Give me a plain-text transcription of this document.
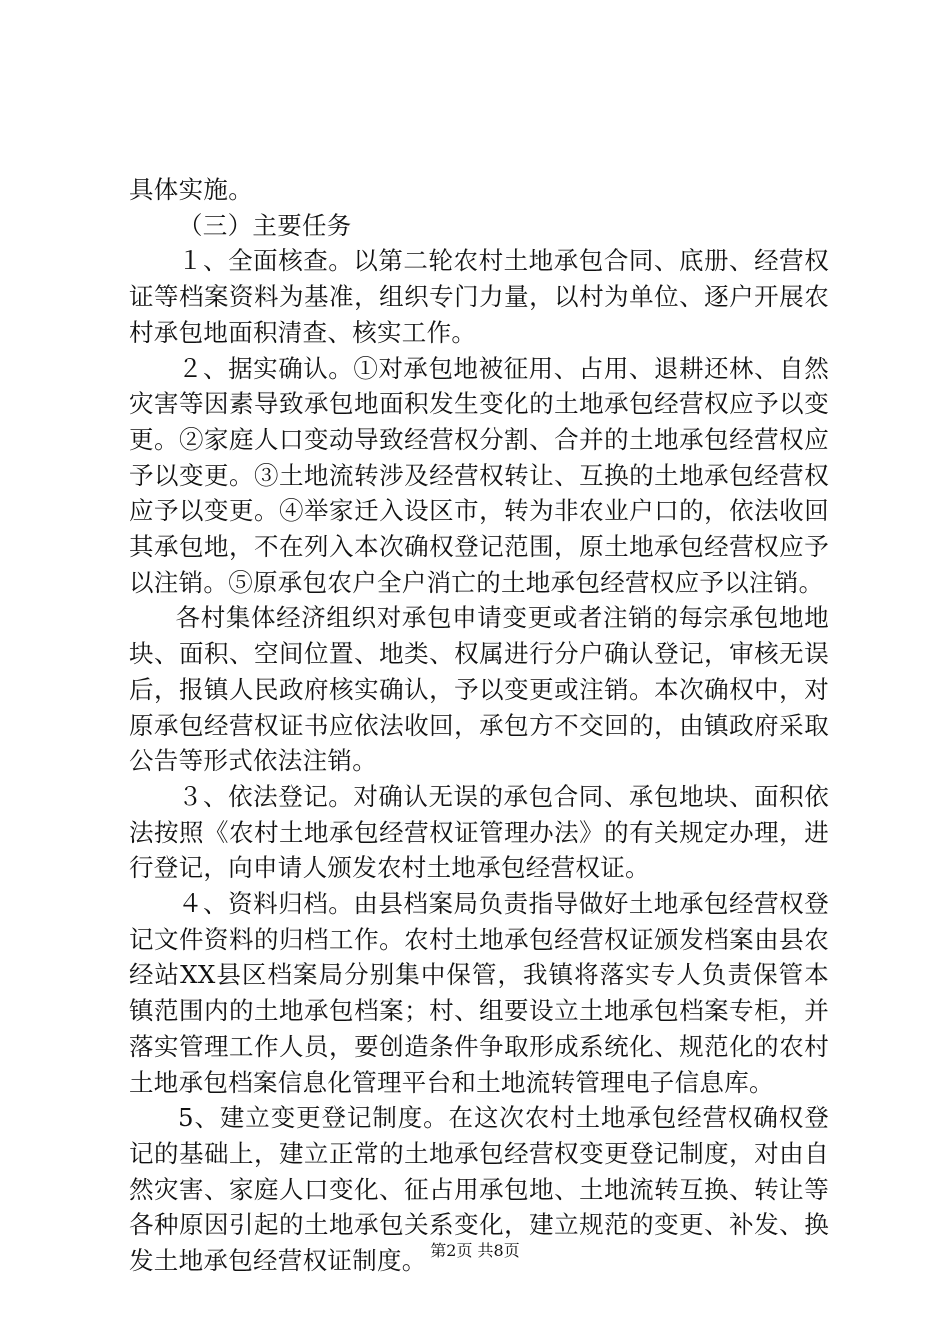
具体实施。

（三）主要任务

１、全面核查。以第二轮农村土地承包合同、底册、经营权证等档案资料为基准，组织专门力量，以村为单位、逐户开展农村承包地面积清查、核实工作。

２、据实确认。①对承包地被征用、占用、退耕还林、自然灾害等因素导致承包地面积发生变化的土地承包经营权应予以变更。②家庭人口变动导致经营权分割、合并的土地承包经营权应予以变更。③土地流转涉及经营权转让、互换的土地承包经营权应予以变更。④举家迁入设区市，转为非农业户口的，依法收回其承包地，不在列入本次确权登记范围，原土地承包经营权应予以注销。⑤原承包农户全户消亡的土地承包经营权应予以注销。

各村集体经济组织对承包申请变更或者注销的每宗承包地地块、面积、空间位置、地类、权属进行分户确认登记，审核无误后，报镇人民政府核实确认，予以变更或注销。本次确权中，对原承包经营权证书应依法收回，承包方不交回的，由镇政府采取公告等形式依法注销。

３、依法登记。对确认无误的承包合同、承包地块、面积依法按照《农村土地承包经营权证管理办法》的有关规定办理，进行登记，向申请人颁发农村土地承包经营权证。

４、资料归档。由县档案局负责指导做好土地承包经营权登记文件资料的归档工作。农村土地承包经营权证颁发档案由县农经站XX县区档案局分别集中保管，我镇将落实专人负责保管本镇范围内的土地承包档案；村、组要设立土地承包档案专柜，并落实管理工作人员，要创造条件争取形成系统化、规范化的农村土地承包档案信息化管理平台和土地流转管理电子信息库。

5、建立变更登记制度。在这次农村土地承包经营权确权登记的基础上，建立正常的土地承包经营权变更登记制度，对由自然灾害、家庭人口变化、征占用承包地、土地流转互换、转让等各种原因引起的土地承包关系变化，建立规范的变更、补发、换发土地承包经营权证制度。 第2页 共8页
